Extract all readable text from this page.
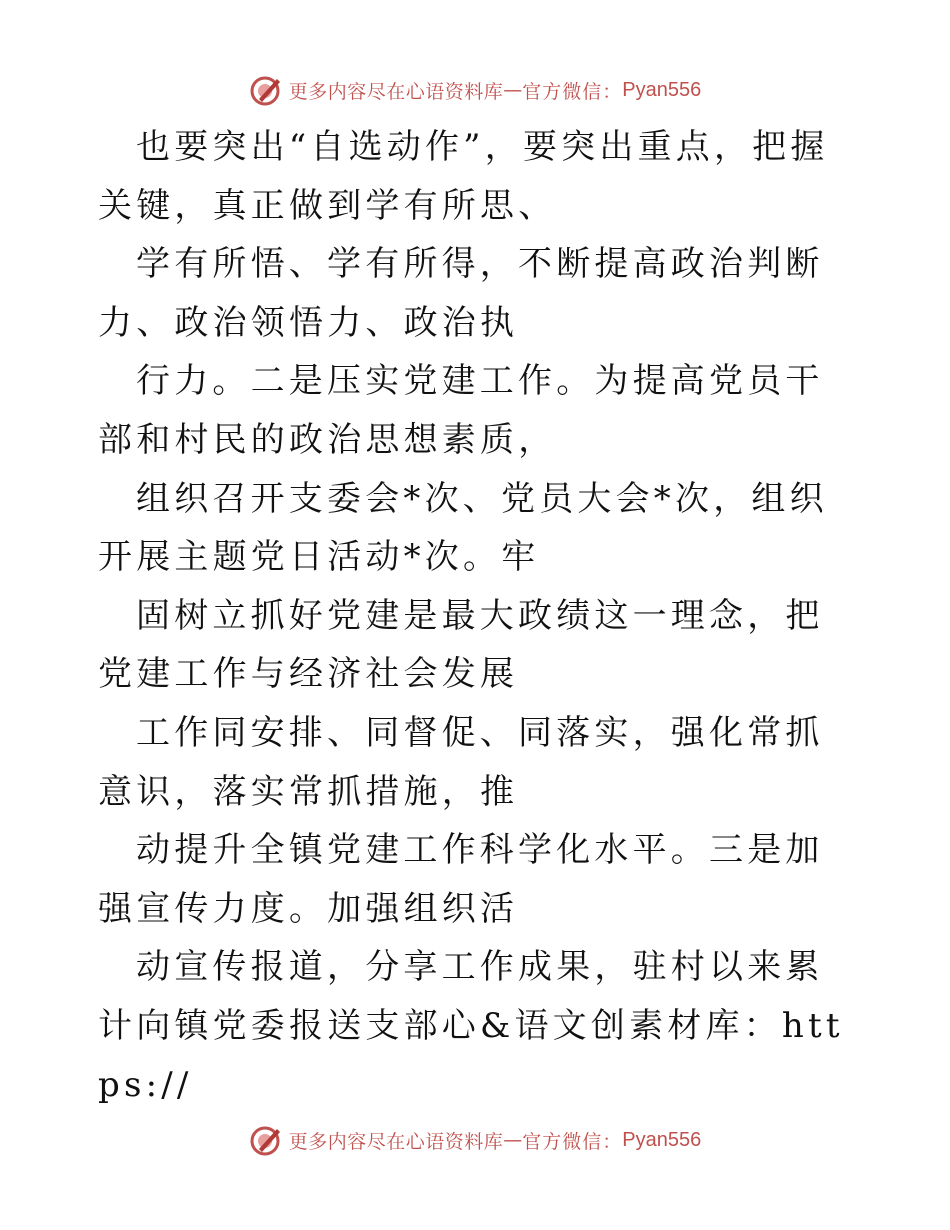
更多内容尽在心语资料库 — 官方微信： Pyan556

也要突出“自选动作”，要突出重点，把握关键，真正做到学有所思、

学有所悟、学有所得，不断提高政治判断力、政治领悟力、政治执

行力。二是压实党建工作。为提高党员干部和村民的政治思想素质，

组织召开支委会*次、党员大会*次，组织开展主题党日活动*次。牢

固树立抓好党建是最大政绩这一理念，把党建工作与经济社会发展

工作同安排、同督促、同落实，强化常抓意识，落实常抓措施，推

动提升全镇党建工作科学化水平。三是加强宣传力度。加强组织活

动宣传报道，分享工作成果，驻村以来累计向镇党委报送支部心&语文创素材库：https://

更多内容尽在心语资料库 — 官方微信： Pyan556
